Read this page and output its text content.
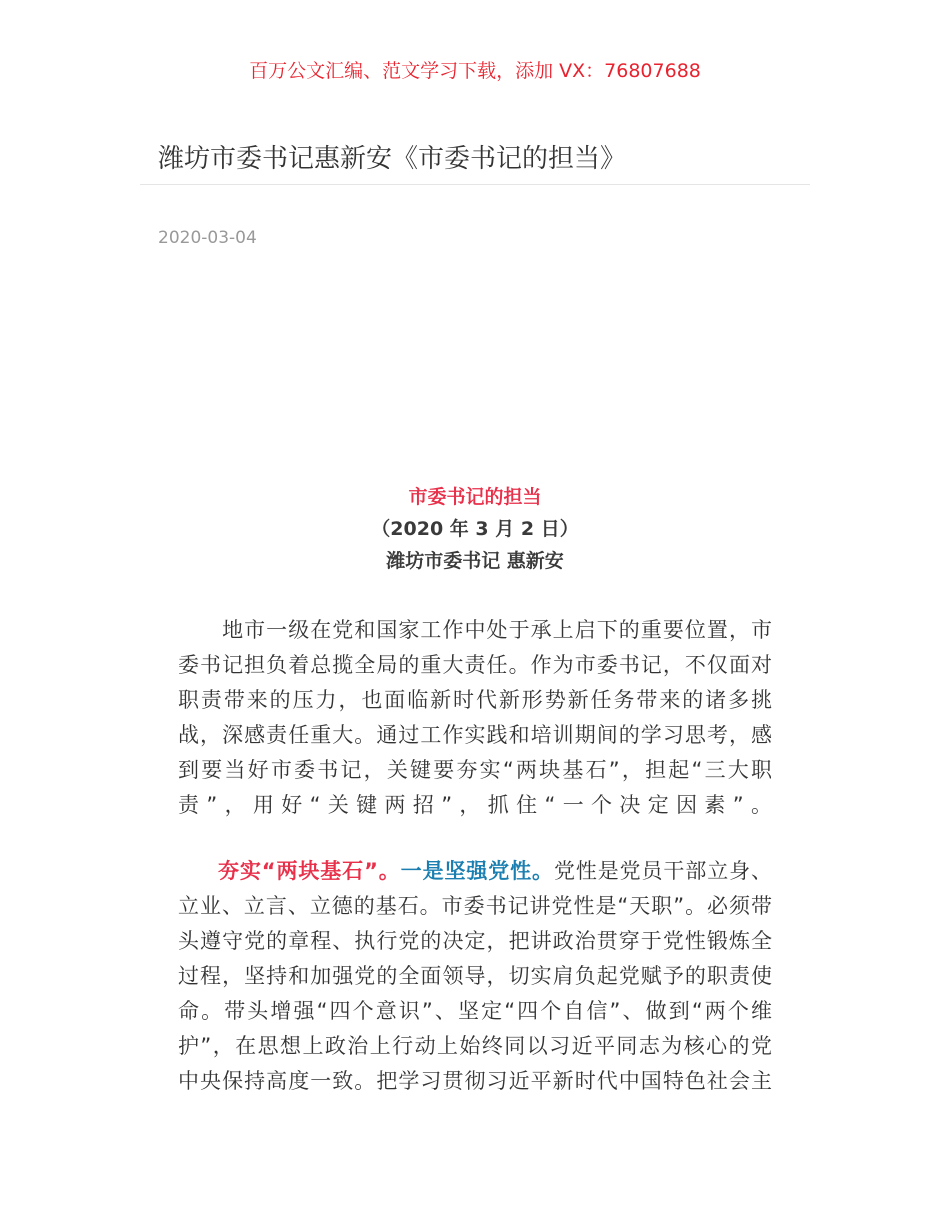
百万公文汇编、范文学习下载，添加 VX：76807688
潍坊市委书记惠新安《市委书记的担当》
2020-03-04
市委书记的担当
（2020 年 3 月 2 日）
潍坊市委书记 惠新安
　　地市一级在党和国家工作中处于承上启下的重要位置，市
委书记担负着总揽全局的重大责任。作为市委书记，不仅面对
职责带来的压力，也面临新时代新形势新任务带来的诸多挑
战，深感责任重大。通过工作实践和培训期间的学习思考，感
到要当好市委书记，关键要夯实“两块基石”，担起“三大职
责”，用好“关键两招”，抓住“一个决定因素”。
夯实“两块基石”。一是坚强党性。党性是党员干部立身、
立业、立言、立德的基石。市委书记讲党性是“天职”。必须带
头遵守党的章程、执行党的决定，把讲政治贯穿于党性锻炼全
过程，坚持和加强党的全面领导，切实肩负起党赋予的职责使
命。带头增强“四个意识”、坚定“四个自信”、做到“两个维
护”，在思想上政治上行动上始终同以习近平同志为核心的党
中央保持高度一致。把学习贯彻习近平新时代中国特色社会主
